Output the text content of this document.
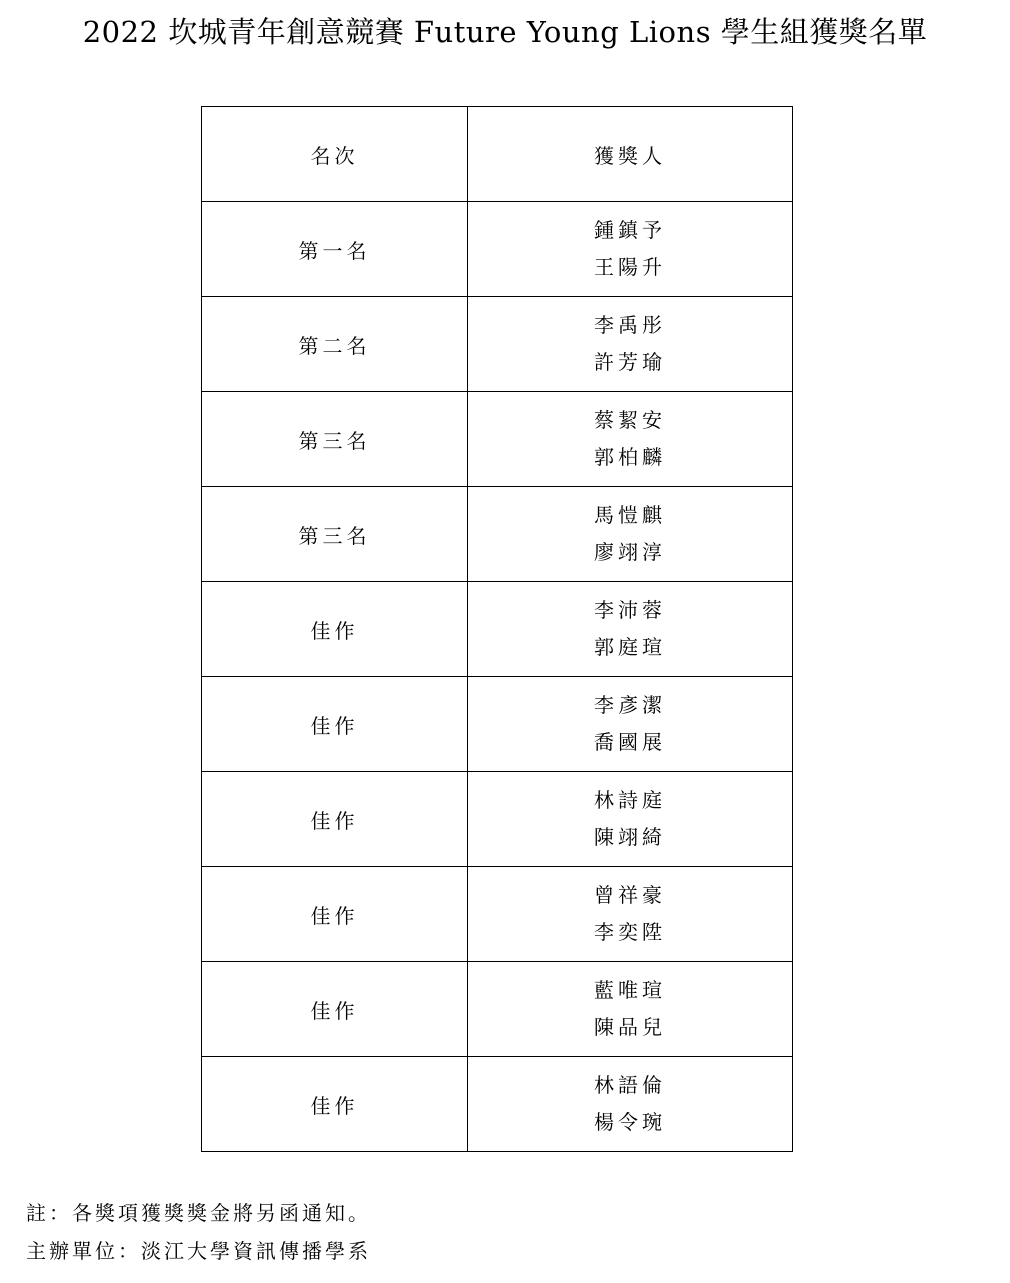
2022 坎城青年創意競賽 Future Young Lions 學生組獲獎名單
名次	獲獎人
第一名	鍾鎮予
王陽升

第二名	李禹彤
許芳瑜

第三名	蔡絜安
郭柏麟

第三名	馬愷麒
廖翊淳

佳作	李沛蓉
郭庭瑄

佳作	李彥潔
喬國展

佳作	林詩庭
陳翊綺

佳作	曾祥豪
李奕陞

佳作	藍唯瑄
陳品兒

佳作	林語倫
楊令琬
註：各獎項獲獎獎金將另函通知。
主辦單位：淡江大學資訊傳播學系
